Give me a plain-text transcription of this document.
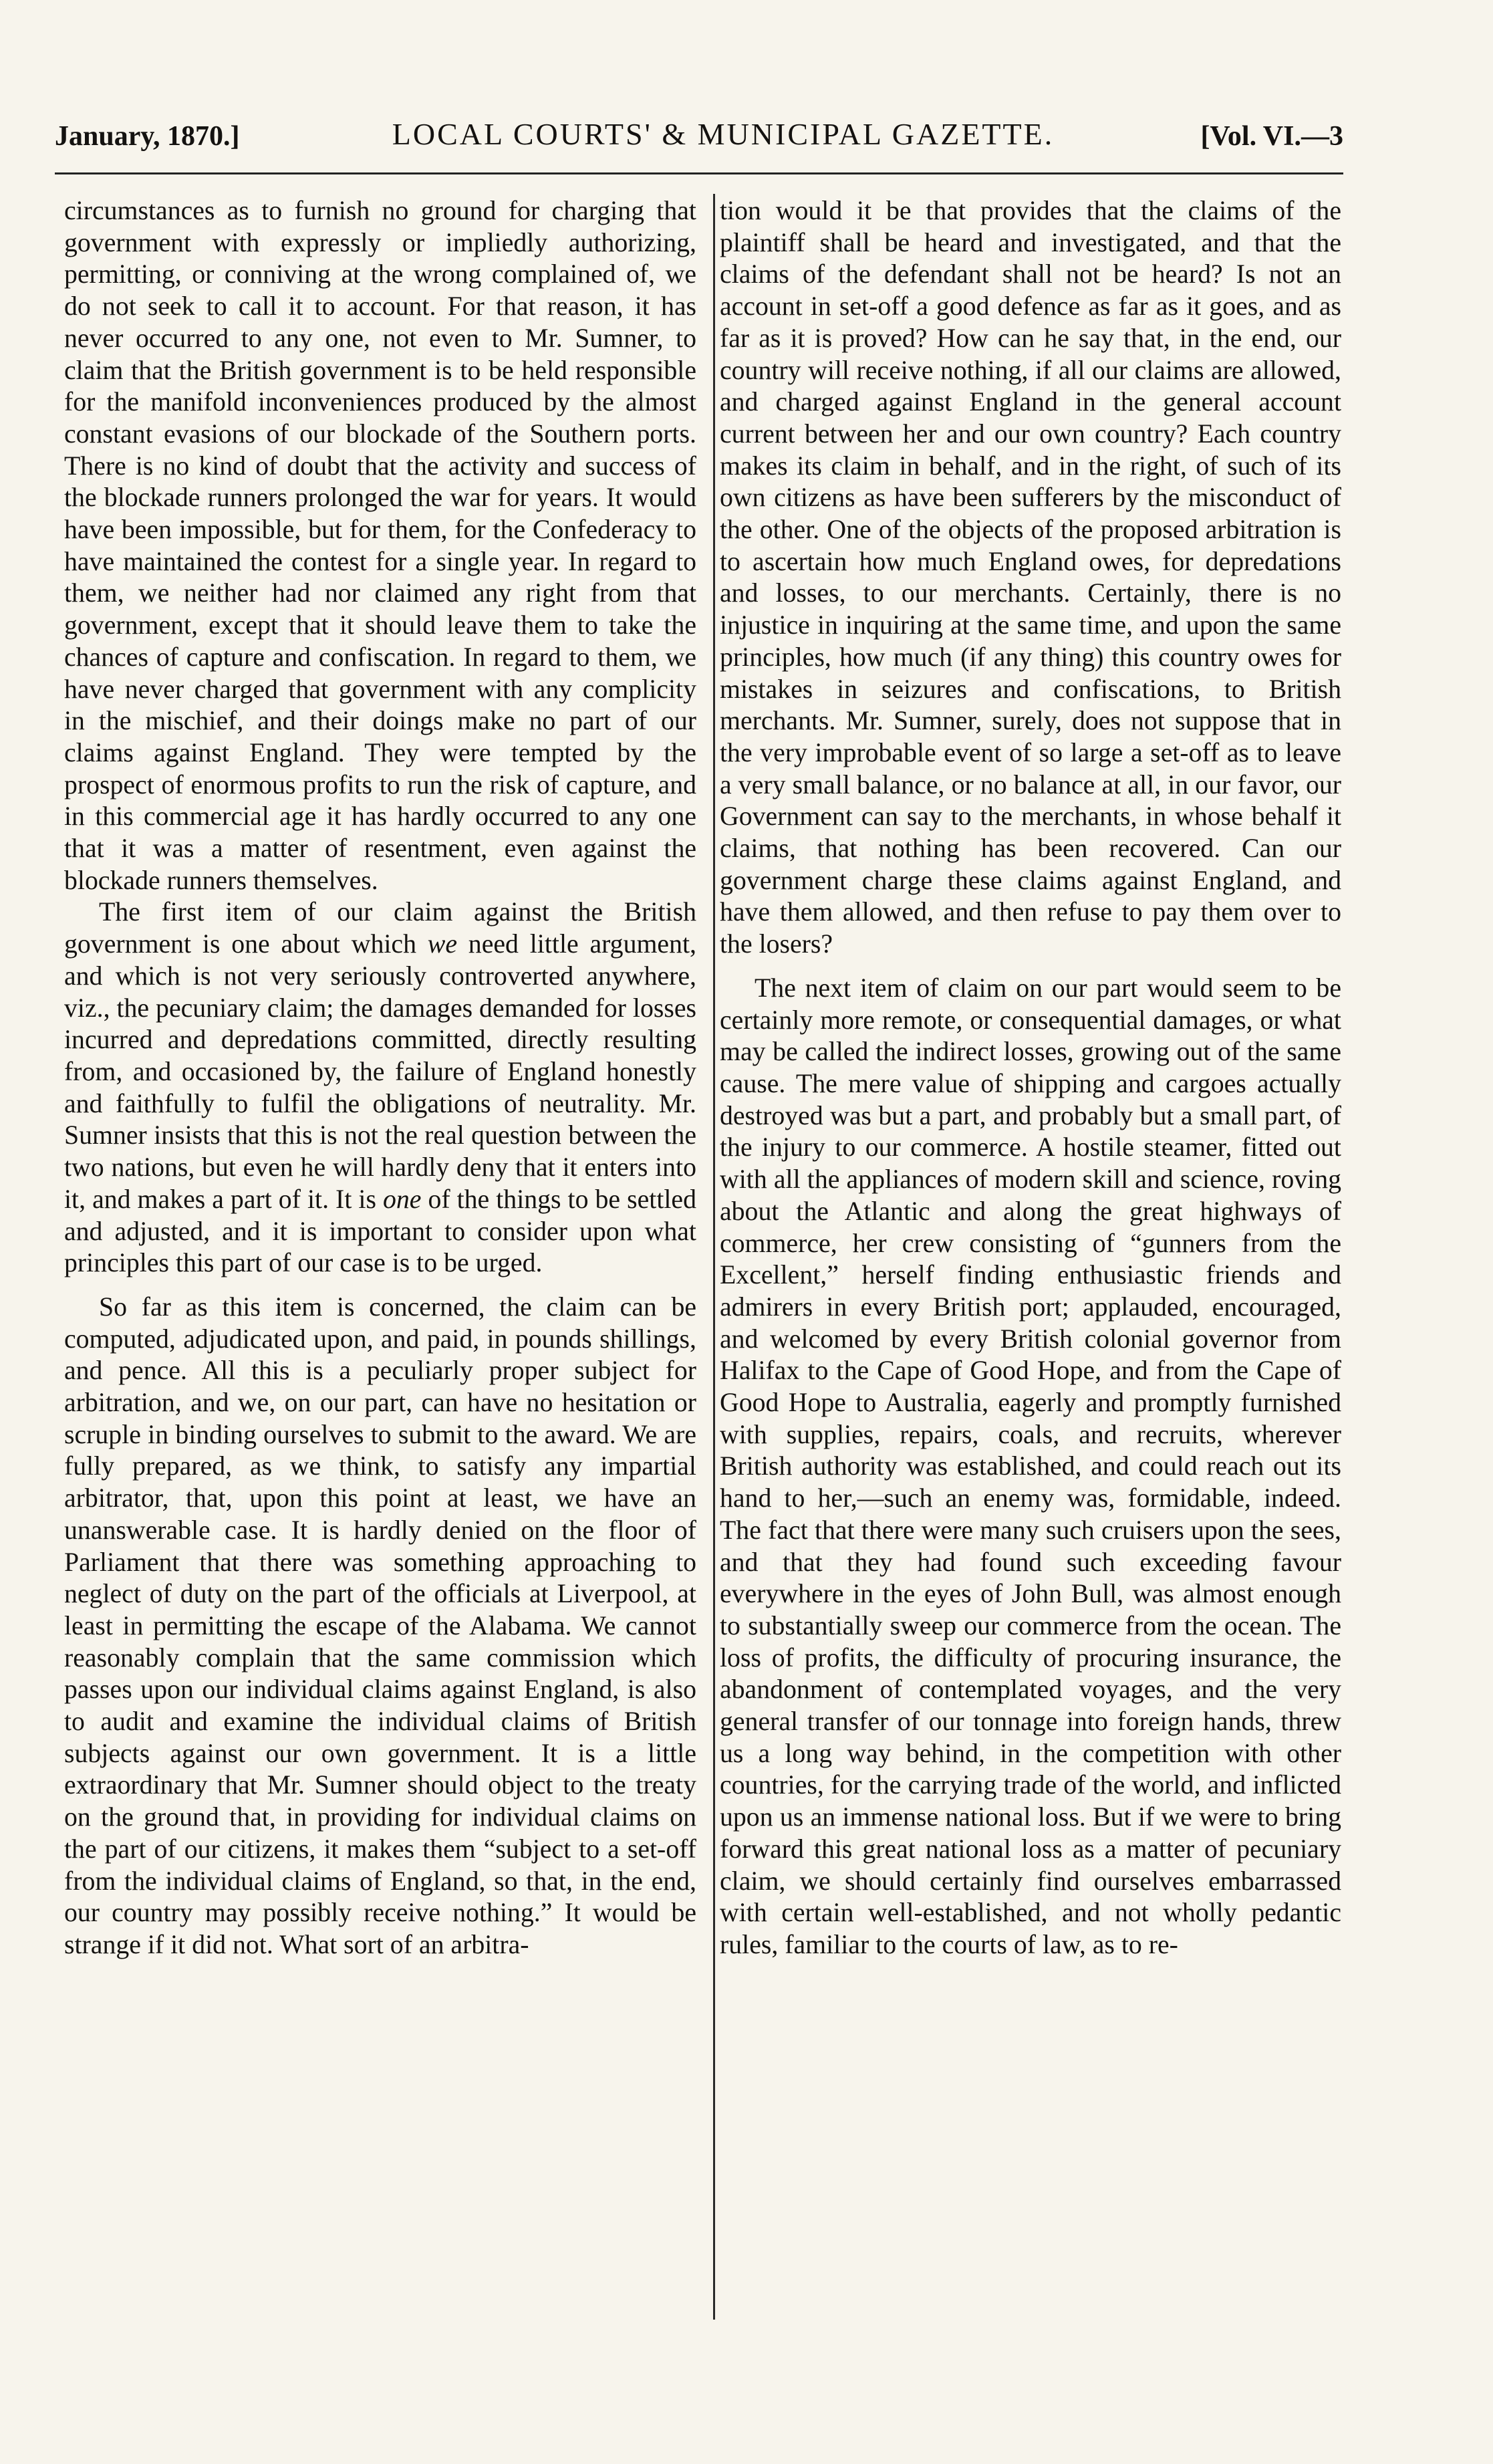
January, 1870.]	LOCAL COURTS' & MUNICIPAL GAZETTE.	[Vol. VI.—3

circumstances as to furnish no ground for charging that government with expressly or impliedly authorizing, permitting, or conniving at the wrong complained of, we do not seek to call it to account. For that reason, it has never occurred to any one, not even to Mr. Sumner, to claim that the British government is to be held responsible for the manifold inconveniences produced by the almost constant evasions of our blockade of the Southern ports. There is no kind of doubt that the activity and success of the blockade runners prolonged the war for years. It would have been impossible, but for them, for the Confederacy to have maintained the contest for a single year. In regard to them, we neither had nor claimed any right from that government, except that it should leave them to take the chances of capture and confiscation. In regard to them, we have never charged that government with any complicity in the mischief, and their doings make no part of our claims against England. They were tempted by the prospect of enormous profits to run the risk of capture, and in this commercial age it has hardly occurred to any one that it was a matter of resentment, even against the blockade runners themselves.

The first item of our claim against the British government is one about which we need little argument, and which is not very seriously controverted anywhere, viz., the pecuniary claim; the damages demanded for losses incurred and depredations committed, directly resulting from, and occasioned by, the failure of England honestly and faithfully to fulfil the obligations of neutrality. Mr. Sumner insists that this is not the real question between the two nations, but even he will hardly deny that it enters into it, and makes a part of it. It is one of the things to be settled and adjusted, and it is important to consider upon what principles this part of our case is to be urged.

So far as this item is concerned, the claim can be computed, adjudicated upon, and paid, in pounds shillings, and pence. All this is a peculiarly proper subject for arbitration, and we, on our part, can have no hesitation or scruple in binding ourselves to submit to the award. We are fully prepared, as we think, to satisfy any impartial arbitrator, that, upon this point at least, we have an unanswerable case. It is hardly denied on the floor of Parliament that there was something approaching to neglect of duty on the part of the officials at Liverpool, at least in permitting the escape of the Alabama. We cannot reasonably complain that the same commission which passes upon our individual claims against England, is also to audit and examine the individual claims of British subjects against our own government. It is a little extraordinary that Mr. Sumner should object to the treaty on the ground that, in providing for individual claims on the part of our citizens, it makes them “subject to a set-off from the individual claims of England, so that, in the end, our country may possibly receive nothing.” It would be strange if it did not. What sort of an arbitra-

tion would it be that provides that the claims of the plaintiff shall be heard and investigated, and that the claims of the defendant shall not be heard? Is not an account in set-off a good defence as far as it goes, and as far as it is proved? How can he say that, in the end, our country will receive nothing, if all our claims are allowed, and charged against England in the general account current between her and our own country? Each country makes its claim in behalf, and in the right, of such of its own citizens as have been sufferers by the misconduct of the other. One of the objects of the proposed arbitration is to ascertain how much England owes, for depredations and losses, to our merchants. Certainly, there is no injustice in inquiring at the same time, and upon the same principles, how much (if any thing) this country owes for mistakes in seizures and confiscations, to British merchants. Mr. Sumner, surely, does not suppose that in the very improbable event of so large a set-off as to leave a very small balance, or no balance at all, in our favor, our Government can say to the merchants, in whose behalf it claims, that nothing has been recovered. Can our government charge these claims against England, and have them allowed, and then refuse to pay them over to the losers?

The next item of claim on our part would seem to be certainly more remote, or consequential damages, or what may be called the indirect losses, growing out of the same cause. The mere value of shipping and cargoes actually destroyed was but a part, and probably but a small part, of the injury to our commerce. A hostile steamer, fitted out with all the appliances of modern skill and science, roving about the Atlantic and along the great highways of commerce, her crew consisting of “gunners from the Excellent,” herself finding enthusiastic friends and admirers in every British port; applauded, encouraged, and welcomed by every British colonial governor from Halifax to the Cape of Good Hope, and from the Cape of Good Hope to Australia, eagerly and promptly furnished with supplies, repairs, coals, and recruits, wherever British authority was established, and could reach out its hand to her,—such an enemy was, formidable, indeed. The fact that there were many such cruisers upon the sees, and that they had found such exceeding favour everywhere in the eyes of John Bull, was almost enough to substantially sweep our commerce from the ocean. The loss of profits, the difficulty of procuring insurance, the abandonment of contemplated voyages, and the very general transfer of our tonnage into foreign hands, threw us a long way behind, in the competition with other countries, for the carrying trade of the world, and inflicted upon us an immense national loss. But if we were to bring forward this great national loss as a matter of pecuniary claim, we should certainly find ourselves embarrassed with certain well-established, and not wholly pedantic rules, familiar to the courts of law, as to re-
